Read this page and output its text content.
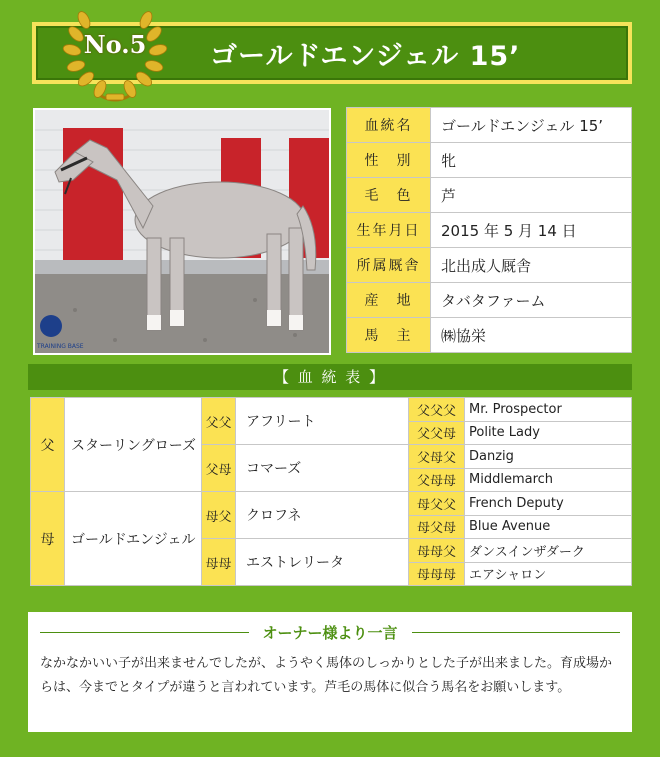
ゴールドエンジェル 15’
No.5
TRAINING BASE
血統名	ゴールドエンジェル 15’
性　別	牝
毛　色	芦
生年月日	2015 年 5 月 14 日
所属厩舎	北出成人厩舎
産　地	タバタファーム
馬　主	㈱協栄
【 血 統 表 】
父	スターリングローズ	父父	アフリート	父父父	Mr. Prospector
				父父母	Polite Lady
		父母	コマーズ	父母父	Danzig
				父母母	Middlemarch
母	ゴールドエンジェル	母父	クロフネ	母父父	French Deputy
				母父母	Blue Avenue
		母母	エストレリータ	母母父	ダンスインザダーク
				母母母	エアシャロン
オーナー様より一言
なかなかいい子が出来ませんでしたが、ようやく馬体のしっかりとした子が出来ました。育成場からは、今までとタイプが違うと言われています。芦毛の馬体に似合う馬名をお願いします。
